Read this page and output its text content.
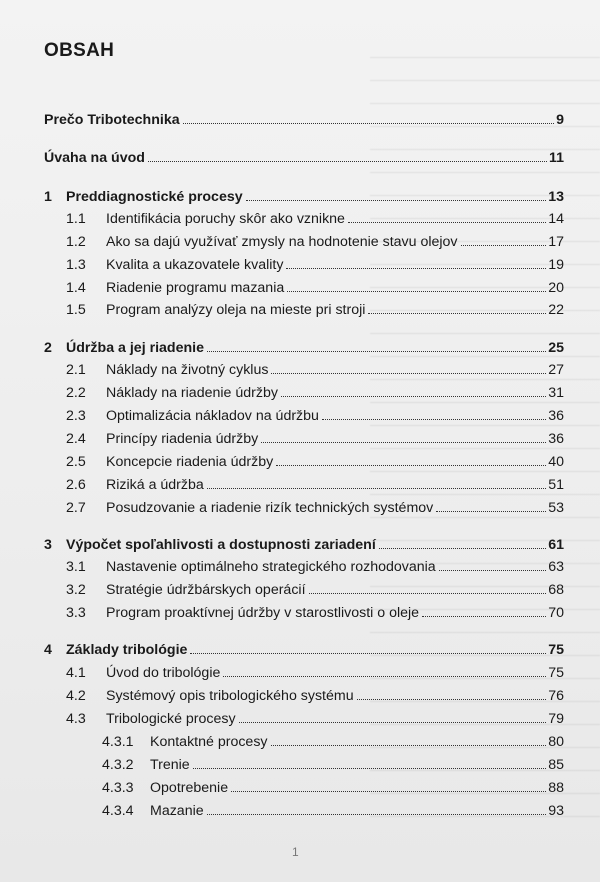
OBSAH
Prečo Tribotechnika	9
Úvaha na úvod	11
1 Preddiagnostické procesy	13
1.1 Identifikácia poruchy skôr ako vznikne	14
1.2 Ako sa dajú využívať zmysly na hodnotenie stavu olejov	17
1.3 Kvalita a ukazovatele kvality	19
1.4 Riadenie programu mazania	20
1.5 Program analýzy oleja na mieste pri stroji	22
2 Údržba a jej riadenie	25
2.1 Náklady na životný cyklus	27
2.2 Náklady na riadenie údržby	31
2.3 Optimalizácia nákladov na údržbu	36
2.4 Princípy riadenia údržby	36
2.5 Koncepcie riadenia údržby	40
2.6 Riziká a údržba	51
2.7 Posudzovanie a riadenie rizík technických systémov	53
3 Výpočet spoľahlivosti a dostupnosti zariadení	61
3.1 Nastavenie optimálneho strategického rozhodovania	63
3.2 Stratégie údržbárskych operácií	68
3.3 Program proaktívnej údržby v starostlivosti o oleje	70
4 Základy tribológie	75
4.1 Úvod do tribológie	75
4.2 Systémový opis tribologického systému	76
4.3 Tribologické procesy	79
4.3.1 Kontaktné procesy	80
4.3.2 Trenie	85
4.3.3 Opotrebenie	88
4.3.4 Mazanie	93
1
